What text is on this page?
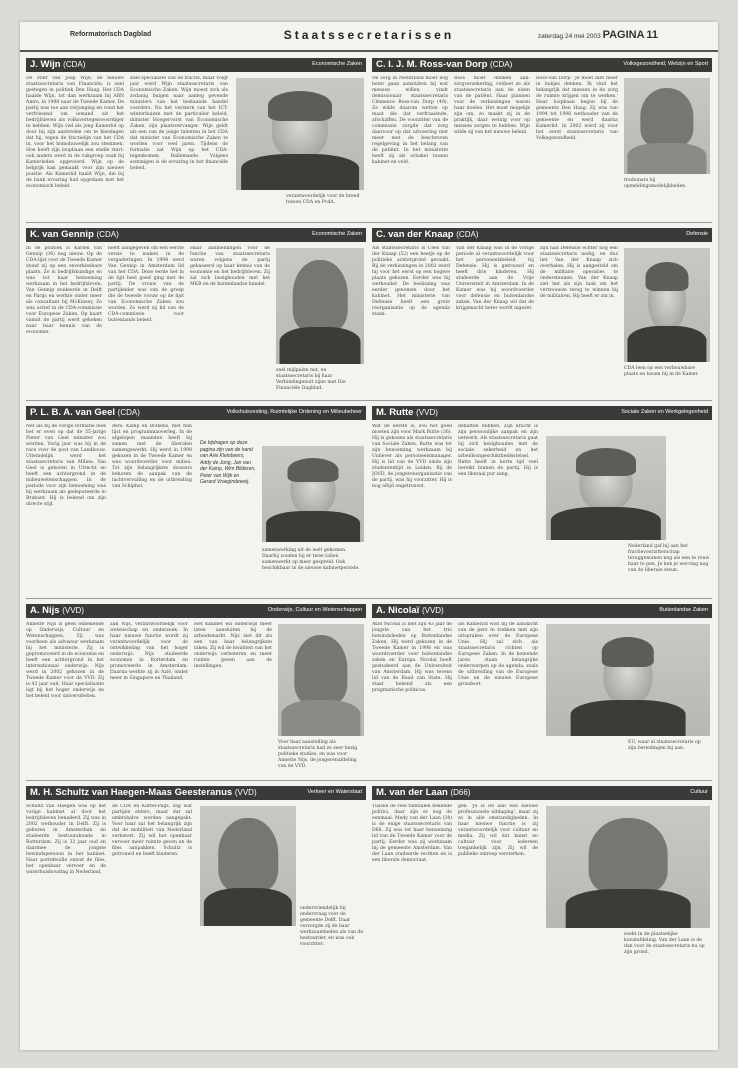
Reformatorisch Dagblad	Staatssecretarissen	zaterdag 24 mei 2003 PAGINA 11
J. Wijn (CDA)	Economische Zaken
De stier van Joop Wijn, de nieuwe staatssecretaris van Financiën, is snel gestegen in politiek Den Haag. Het CDA haalde Wijn, tot dan werkzaam bij ABN Amro, in 1998 naar de Tweede Kamer. De partij was toe aan verjonging en vond het verfrissend om iemand uit het bedrijfsleven als volksvertegenwoordiger te hebben. Wijn viel als jong Kamerlid op door bij zijn aantreden om te kiesdagen dat hij, tegen de fractielijn van het CDA in, voor het homohuwelijk zou stemmen. Hoe heeft zijn loopbaan een snelle start: ook anders werd in de vakgroep vaak bij Kamerleden opgevoerd. Wijn op de belgrijk kan gemaakt voor zijn nieuwe positie. Als Kamerlid haald Wijn, die bij de bank ervaring had opgedaan met het economisch beleid.
stiel specialiste van de fractie, maar volgt jaar werd Wijn staatssecretaris van Economische Zaken. Wijn moest zich als zodanig buigen naar aanleg gevende ministers van het bestaande handel voerders. Nu het versterk van het ICT-winterhuizen met de particulier beleid, minister Hoogervorst van Economische Zaken, zijn plaatsvervanger. Wijn geldt als een van de jonge talenten in het CDA dat minister van Economische Zaken te worden voor veel jaren. Tijdens de formatie zat Wijn op het CDA-tegenkomen. Ballemaede. Volgens sommigen is de ervaring in het financiële beleid.
verantwoordelijk voor de breed tussen CDA en PvdA.
C. I. J. M. Ross-van Dorp (CDA)	Volksgezondheid, Welzijn en Sport
De zorg in Nederland moet nog beter gaan aansluiten bij wat mensen willen, vindt demissionair staatssecretaris Clémence Ross-van Dorp (49). Ze wilde daarom wetten op maat die dat verfraaiende, afschaffen. De voorzitter van de commissie zorgde dat zorg daarvoor op dat uitvoering niet meer met de beschreven regelgeving in het belang van de patiënt. In het ministerie heeft zij als schakel tussen kabinet en veld.
Ross moet denken aan: zorgverzekering, voldoet ze als staatssecretaris aan de eisen van de patiënt. Haar plannen voor de verkiezingen waren haar doelen. Het moet mogelijk zijn om, zo maakt zij in de praktijk, daar weinig voor op mensen zorgen te hebben. Wijn wilde zij van het nieuwe beleid.
Ross-van Dorp: 'Je moet niet meer in hokjes denken. Ik vind het belangrijk dat mensen in de zorg de ruimte krijgen om te werken.' Haar loopbaan begon bij de gemeente Den Haag. Zij was van 1994 tot 1998 wethouder van de gemeente en werd daarna Kamerlid. In 2002 werd zij voor het eerst staatssecretaris van Volksgezondheid.
tradioners bij opmeldingsmodelijkheden.
K. van Gennip (CDA)	Economische Zaken
In de politiek is Karien van Gennip (36) nog nieuw. Op de CDA-lijst voor de Tweede Kamer stond zij op een onverkiesbare plaats. Ze is bedrijfskundige en was tot haar benoeming werkzaam in het bedrijfsleven. Van Gennip studeerde in Delft en Parijs en werkte onder meer als consultant bij McKinsey. Ze was actief in de CDA-commissie voor Europese Zaken. Op kaart vanuit de partij werd gekeken naar haar kennis van de economie.
heeft aangegeven om een eerste versie te maken in de vergaderingen. In 1998 werd Van Gennip in Amsterdam lid van het CDA. Deze eerde het in de tijd heel goed ging met de partij. De vrouw van de partijleider was van de groep die de tweede vrouw op de lijst van Economische Zaken zou worden. Zo werd zij lid van de CDA-commissie voor buitenlands beleid.
Haar aanmeldingen voor de functie van staatssecretaris waren volgens de partij gebaseerd op haar kennis van de economie en het bedrijfsleven. Zij zal zich bezighouden met het MKB en de buitenlandse handel.
snel mijlpalen nut, en staatssecretaris bij haar Verbindingenuit zijne met Die Financiële Dagblad.
C. van der Knaap (CDA)	Defensie
Als staatssecretaris is Cees van der Knaap (52) een beetje op de politieke achtergrond geraakt. Bij de verkiezingen in 2002 werd hij voor het eerst op een hogere plaats gekozen. Eerder was hij wethouder. De beslissing was eerder genomen door het kabinet. Het ministerie van Defensie heeft een grote reorganisatie op de agenda staan.
Van der Knaap was in de vorige periode al verantwoordelijk voor het personeelsbeleid bij Defensie. Hij is getrouwd en heeft drie kinderen. Hij studeerde aan de Vrije Universiteit in Amsterdam. In de Kamer was hij woordvoerder voor defensie en buitenlandse zaken. Van der Knaap wil dat de krijgsmacht beter wordt ingezet.
zijn had Defensie echter nog een staatssecretaris nodig, en dus liet Van der Knaap zich overhalen. Hij is aangesteld om de militaire operaties te ondersteunen. Van der Knaap ziet het als zijn taak om het vertrouwen terug te winnen bij de militairen. Hij heeft er zin in.
CDA leen op een verbouwbare plaats en kwam bij in de Kamer.
P. L. B. A. van Geel (CDA)	Volkshuisvesting, Ruimtelijke Ordening en Milieubeheer
Net als bij de vorige formatie leek het er even op dat de 55-jarige Pieter van Geel minister zou worden. Vorig jaar was hij in de race voor de post van Landbouw. Uiteindelijk werd het staatssecretaris van Milieu. Van Geel is geboren in Utrecht en heeft een achtergrond in de milieuwetenschappen. In de periode voor zijn benoeming was hij werkzaam als gedeputeerde in Brabant. Hij is bekend om zijn directe stijl.
ders. Kamp en Bolkens, met hun lijst en programmaoverleg. In de afgelopen maanden heeft hij samen met de liberalen samengewerkt. Hij werd in 1998 gekozen in de Tweede Kamer en was woordvoerder voor milieu. Tot zijn belangrijkste dossiers behoren de aanpak van de luchtvervuiling en de uitbreiding van Schiphol.
De bijdragen op deze pagina zijn van de hand van Arie Kleinbeers, Addy de Jong, Jan van der Kamp, Wim Bilderen, Peter van Wijk en Gerard Vroegindeweij.
samenwerking uit de welt gekomen. Daarbij zouden hij er twee tallen samenwerkt op meer gespreid. Ook beschikbaar in de nieuwe kabinetperiode.
M. Rutte (VVD)	Sociale Zaken en Werkgelegenheid
Wat de eerste is, zou het goed moeten zijn voor Mark Rutte (36). Hij is gekozen als staatssecretaris van Sociale Zaken. Rutte was tot zijn benoeming werkzaam bij Unilever als personeelsmanager. Hij is lid van de VVD sinds zijn studententijd in Leiden. Bij de JOVD, de jongerenorganisatie van de partij, was hij voorzitter. Hij is nog altijd ongetrouwd.
debatten hebben. Zijn kracht is zijn persoonlijke aanpak en zijn netwerk. Als staatssecretaris gaat hij zich bezighouden met de sociale zekerheid en het arbeidsongeschiktheidsstelsel. Rutte heeft in korte tijd veel bereikt binnen de partij. Hij is een liberaal pur sang.
Nederland gaf hij aan het fractievoorzitterschap teruggenomen nog als een te rouw haar te pen. Je heb je werving nog van de liberale steun.
A. Nijs (VVD)	Onderwijs, Cultuur en Wetenschappen
Annette Nijs is geen onbekende op Onderwijs, Cultuur en Wetenschappen. Zij was voorheen als adviseur werkzaam bij het ministerie. Zij is gepromoveerd in de economie en heeft een achtergrond in het internationaal onderwijs. Nijs werd in 2002 gekozen in de Tweede Kamer voor de VVD. Zij is 42 jaar oud. Haar specialisatie ligt bij het hoger onderwijs en het beleid voor universiteiten.
aan Nijs, verantwoordelijk voor wetenschap en onderzoek. In haar nieuwe functie wordt zij verantwoordelijk voor de ontwikkeling van het hoger onderwijs. Nijs studeerde economie in Rotterdam en promoveerde in Amsterdam. Daarna werkte zij in Azië, onder meer in Singapore en Thailand.
Het kabinet wil onderwijs meer laten aansluiten bij de arbeidsmarkt. Nijs ziet dit als een van haar belangrijkste taken. Zij wil de kwaliteit van het onderwijs verbeteren en meer ruimte geven aan de instellingen.
Voor haar aanstelling als staatssecretaris had ze zeer bezig politieke studies, en was voor Annette Nijs, de jongerenafdeling van de VVD.
A. Nicolaï (VVD)	Buitenlandse Zaken
Atzo Nicolaï is met zijn 43 jaar de jongste van het trio bewindslieden op Buitenlandse Zaken. Hij werd gekozen in de Tweede Kamer in 1998 en was woordvoerder voor buitenlandse zaken en Europa. Nicolaï heeft gestudeerd aan de Universiteit van Amsterdam. Hij was tevens lid van de Raad van State. Hij staat bekend als een pragmatische politicus.
als Kamerlid wist hij de aandacht van de pers te trekken met zijn uitspraken over de Europese Unie. Hij zal zich als staatssecretaris richten op Europese Zaken. In de komende jaren staan belangrijke onderwerpen op de agenda, zoals de uitbreiding van de Europese Unie en de nieuwe Europese grondwet.
EU, waar al staatssecretaris op zijn beriedingen bij aan.
M. H. Schultz van Haegen-Maas Geesteranus (VVD)	Verkeer en Waterstaat
Schultz van Haegen was op het vorige kabinet al door het bedrijfsleven benaderd. Zij was in 2002 wethouder in Delft. Zij is geboren in Amsterdam en studeerde bestuurskunde in Rotterdam. Zij is 32 jaar oud en daarmee de jongste bewindspersoon in het kabinet. Haar portefeuille omvat de files, het openbaar vervoer en de waterhuishouding in Nederland.
de CDA en Kartel-Paijs, zag wat partijen elders, maar dat zal ambtshalve worden aangepakt. Voor haar zal het belangrijk zijn dat de mobiliteit van Nederland verbetert. Zij wil het openbaar vervoer meer ruimte geven en de files aanpakken. Schultz is getrouwd en heeft kinderen.
ondervriendelijk bij ondervraag voor de gemeente Delft. Daar verzorgde zij de haar werkzaamheden als van de bestuurder, en was ook voorzitter.
M. van der Laan (D66)	Cultuur
Tussen de vele tientallen bekende politici, daar zijn er nog de eenmaal. Medy van der Laan (34) is de enige staatssecretaris van D66. Zij was tot haar benoeming lid van de Tweede Kamer voor de partij. Eerder was zij werkzaam bij de gemeente Amsterdam. Van der Laan studeerde rechten en is een liberale democraat.
gen. 'Je is iet aan een nieuwe professionele uitdaging', maar zij zo in alle omstandigheden. In haar nieuwe functie is zij verantwoordelijk voor cultuur en media. Zij wil dat kunst en cultuur voor iedereen toegankelijk zijn. Zij wil de publieke omroep versterken.
zoekt in de plaatselijke kunstafdeling. Van der Laan is de dan voor de staatssecretaris nu op zijn grond.
